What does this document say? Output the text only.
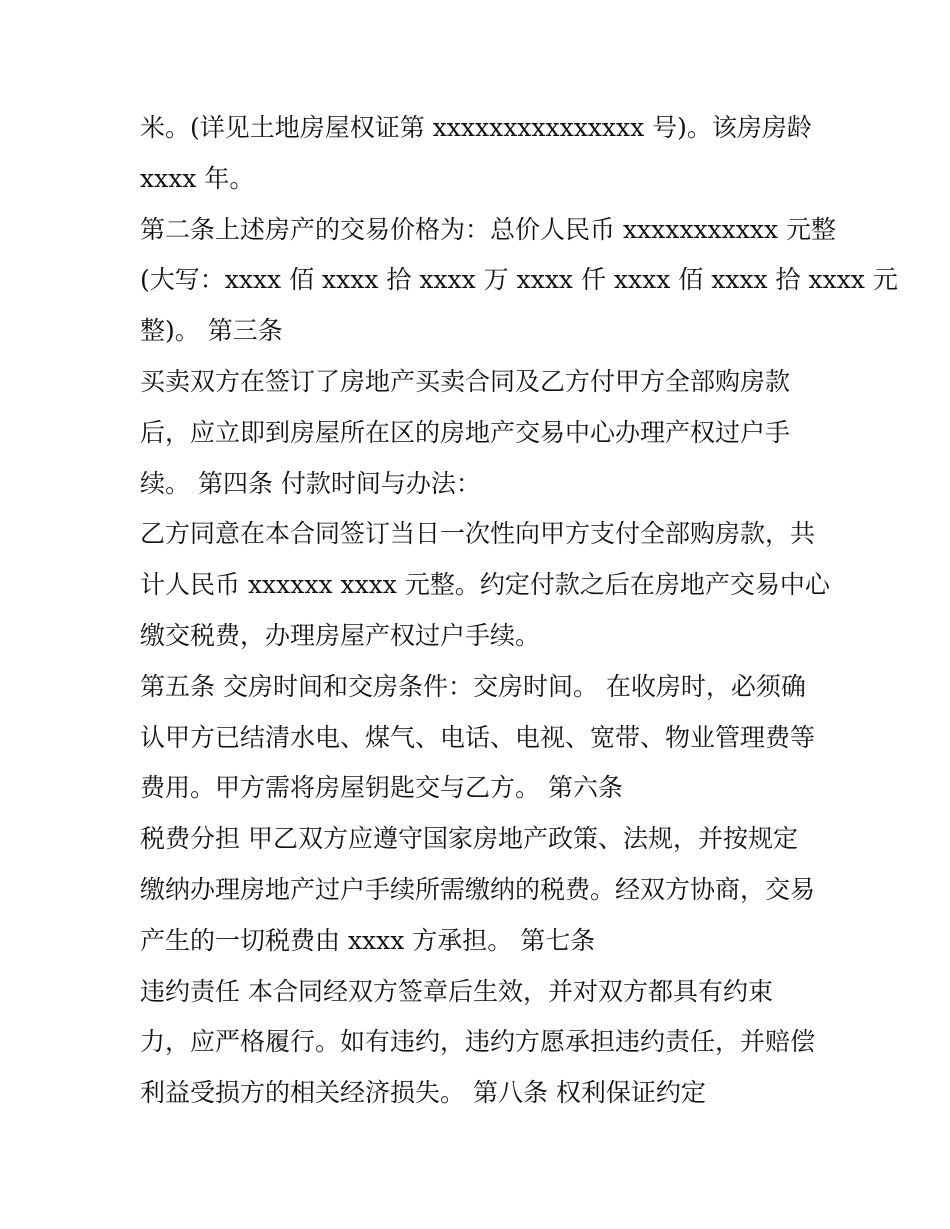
米。(详见土地房屋权证第 xxxxxxxxxxxxxxx 号)。该房房龄
xxxx 年。
第二条上述房产的交易价格为：总价人民币 xxxxxxxxxxx 元整
(大写：xxxx 佰 xxxx 拾 xxxx 万 xxxx 仟 xxxx 佰 xxxx 拾 xxxx 元
整)。 第三条
买卖双方在签订了房地产买卖合同及乙方付甲方全部购房款
后，应立即到房屋所在区的房地产交易中心办理产权过户手
续。 第四条 付款时间与办法：
乙方同意在本合同签订当日一次性向甲方支付全部购房款，共
计人民币 xxxxxx xxxx 元整。约定付款之后在房地产交易中心
缴交税费，办理房屋产权过户手续。
第五条 交房时间和交房条件：交房时间。 在收房时，必须确
认甲方已结清水电、煤气、电话、电视、宽带、物业管理费等
费用。甲方需将房屋钥匙交与乙方。 第六条
税费分担 甲乙双方应遵守国家房地产政策、法规，并按规定
缴纳办理房地产过户手续所需缴纳的税费。经双方协商，交易
产生的一切税费由 xxxx 方承担。 第七条
违约责任 本合同经双方签章后生效，并对双方都具有约束
力，应严格履行。如有违约，违约方愿承担违约责任，并赔偿
利益受损方的相关经济损失。 第八条 权利保证约定
